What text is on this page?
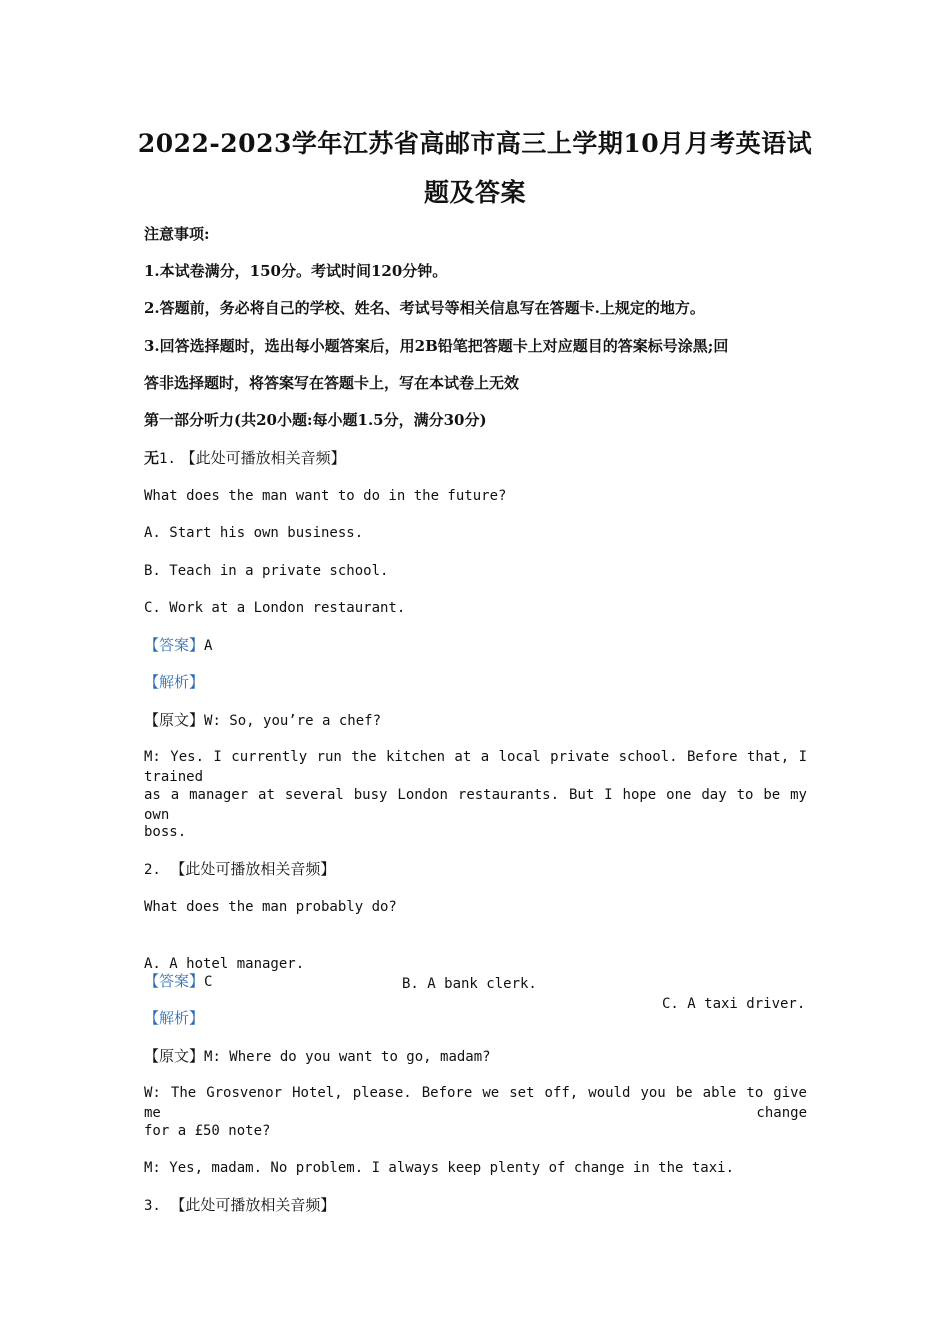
2022-2023学年江苏省高邮市高三上学期10月月考英语试
题及答案
注意事项:
1.本试卷满分，150分。考试时间120分钟。
2.答题前，务必将自己的学校、姓名、考试号等相关信息写在答题卡.上规定的地方。
3.回答选择题时，选出每小题答案后，用2B铅笔把答题卡上对应题目的答案标号涂黑;回
答非选择题时，将答案写在答题卡上，写在本试卷上无效
第一部分听力(共20小题:每小题1.5分，满分30分)
无1. 【此处可播放相关音频】
What does the man want to do in the future?
A. Start his own business.
B. Teach in a private school.
C. Work at a London restaurant.
【答案】A
【解析】
【原文】W: So, you’re a chef?
M: Yes. I currently run the kitchen at a local private school. Before that, I trained
as a manager at several busy London restaurants. But I hope one day to be my own
boss.
2. 【此处可播放相关音频】
What does the man probably do?

A. A hotel manager.

B. A bank clerk.

C. A taxi driver.

【答案】C
【解析】
【原文】M: Where do you want to go, madam?
W: The Grosvenor Hotel, please. Before we set off, would you be able to give me change
for a £50 note?
M: Yes, madam. No problem. I always keep plenty of change in the taxi.
3. 【此处可播放相关音频】
